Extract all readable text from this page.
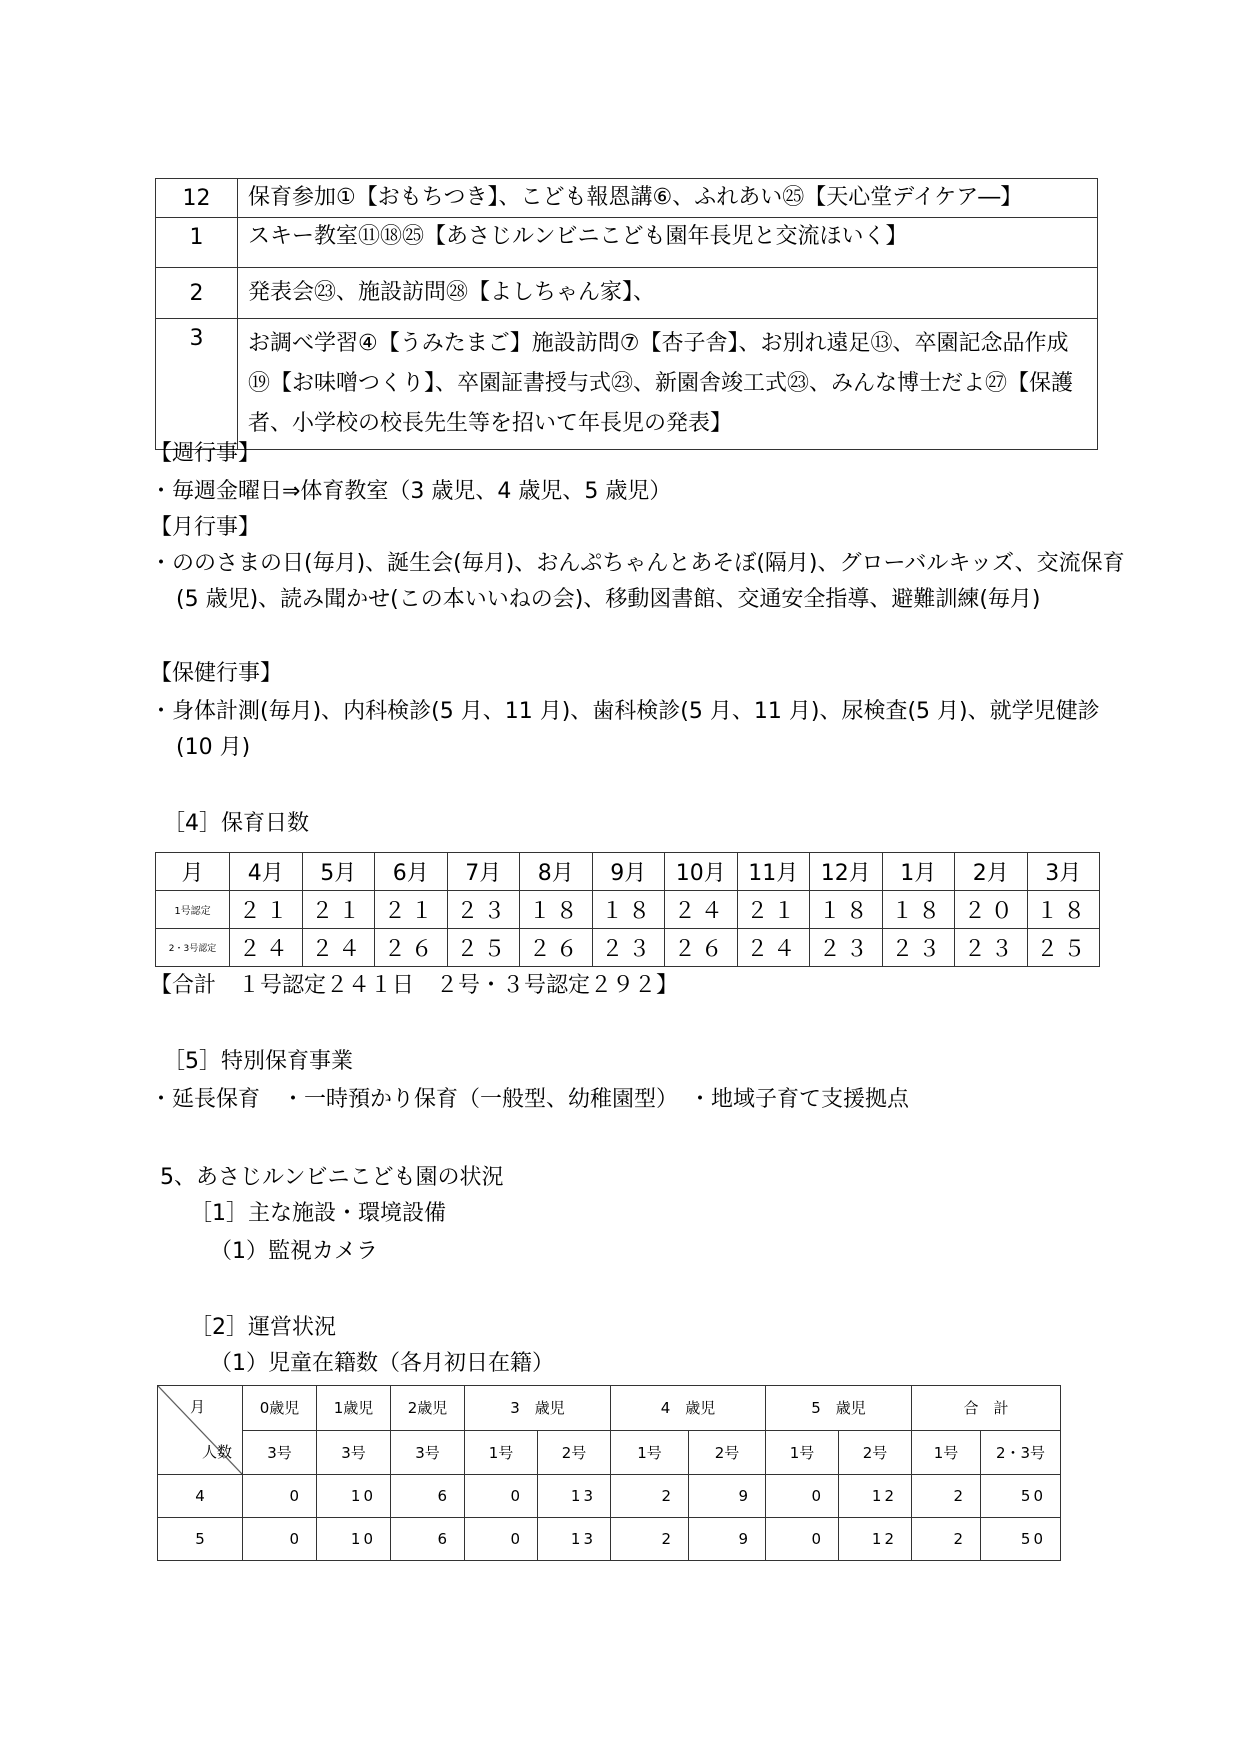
12	保育参加①【おもちつき】、こども報恩講⑥、ふれあい㉕【天心堂デイケア―】
1	スキー教室⑪⑱㉕【あさじルンビニこども園年長児と交流ほいく】
2	発表会㉓、施設訪問㉘【よしちゃん家】、
3	お調べ学習④【うみたまご】施設訪問⑦【杏子舎】、お別れ遠足⑬、卒園記念品作成⑲【お味噌つくり】、卒園証書授与式㉓、新園舎竣工式㉓、みんな博士だよ㉗【保護者、小学校の校長先生等を招いて年長児の発表】
【週行事】
・毎週金曜日⇒体育教室（3 歳児、4 歳児、5 歳児）
【月行事】
・ののさまの日(毎月)、誕生会(毎月)、おんぷちゃんとあそぼ(隔月)、グローバルキッズ、交流保育(5 歳児)、読み聞かせ(この本いいねの会)、移動図書館、交通安全指導、避難訓練(毎月)
【保健行事】
・身体計測(毎月)、内科検診(5 月、11 月)、歯科検診(5 月、11 月)、尿検査(5 月)、就学児健診(10 月)
［4］保育日数
月	4月	5月	6月	7月	8月	9月	10月	11月	12月	1月	2月	3月
1号認定	２１	２１	２１	２３	１８	１８	２４	２１	１８	１８	２０	１８
2・3号認定	２４	２４	２６	２５	２６	２３	２６	２４	２３	２３	２３	２５
【合計　１号認定２４１日　２号・３号認定２９２】
［5］特別保育事業
・延長保育　・一時預かり保育（一般型、幼稚園型）　・地域子育て支援拠点
5、あさじルンビニこども園の状況
［1］主な施設・環境設備
（1）監視カメラ
［2］運営状況
（1）児童在籍数（各月初日在籍）
月
人数	0歳児	1歳児	2歳児	3　歳児		4　歳児		5　歳児		合　計	
	3号	3号	3号	1号	2号	1号	2号	1号	2号	1号	2・3号
4	0	10	6	0	13	2	9	0	12	2	50
5	0	10	6	0	13	2	9	0	12	2	50
